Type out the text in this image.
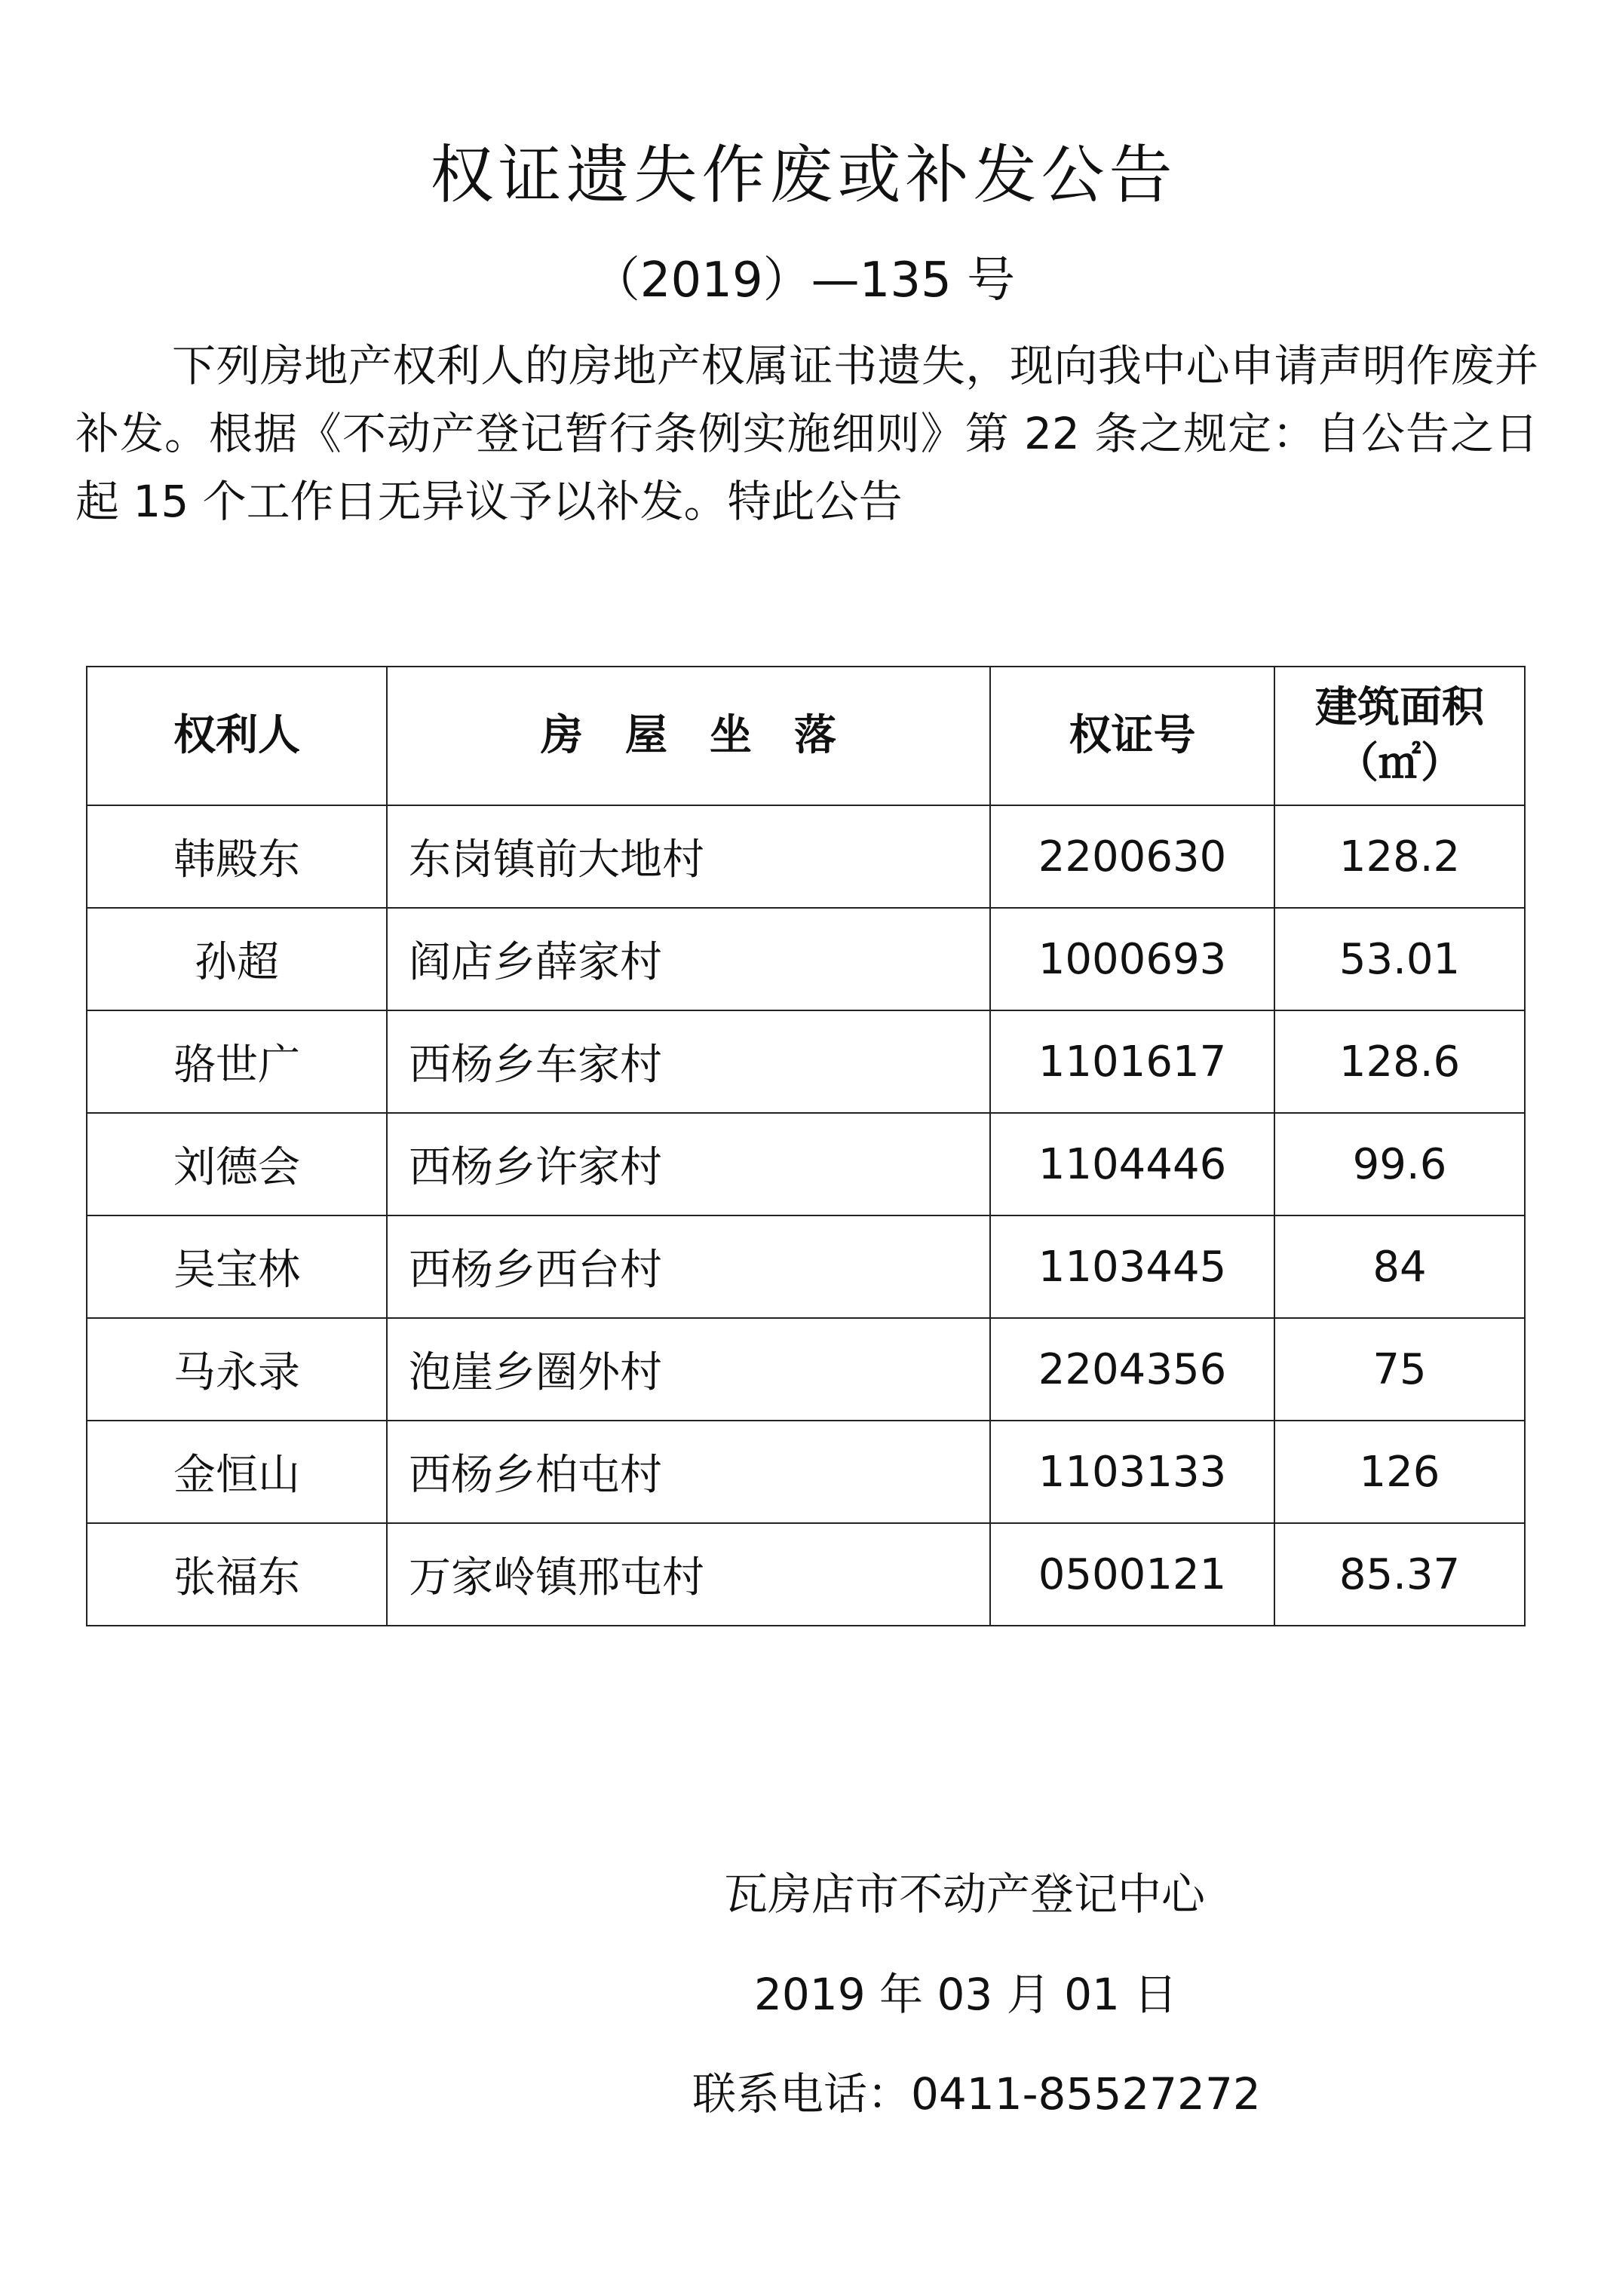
权证遗失作废或补发公告
（2019）—135 号

下列房地产权利人的房地产权属证书遗失，现向我中心申请声明作废并补发。根据《不动产登记暂行条例实施细则》第 22 条之规定：自公告之日起 15 个工作日无异议予以补发。特此公告

权利人	房　屋　坐　落	权证号	建筑面积
（㎡）

韩殿东	东岗镇前大地村	2200630	128.2
孙超	阎店乡薛家村	1000693	53.01
骆世广	西杨乡车家村	1101617	128.6
刘德会	西杨乡许家村	1104446	99.6
吴宝林	西杨乡西台村	1103445	84
马永录	泡崖乡圈外村	2204356	75
金恒山	西杨乡柏屯村	1103133	126
张福东	万家岭镇邢屯村	0500121	85.37
瓦房店市不动产登记中心
2019 年 03 月 01 日
联系电话：0411-85527272
